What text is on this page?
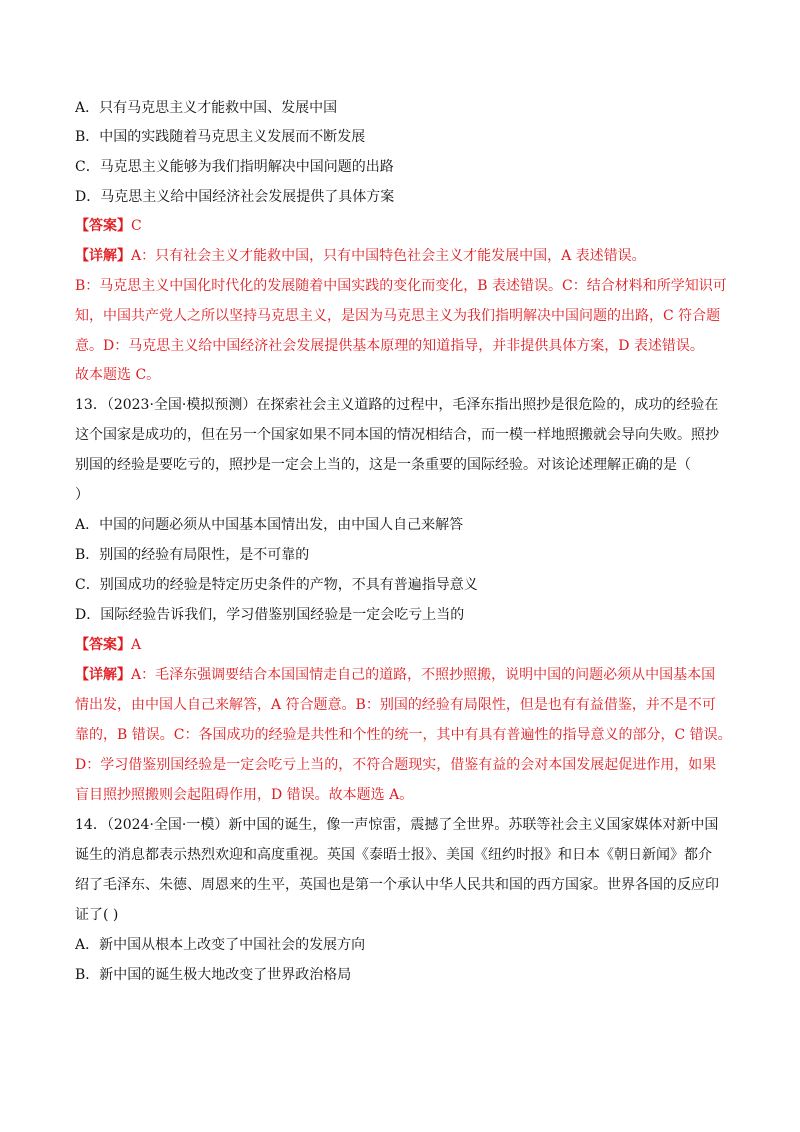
A．只有马克思主义才能救中国、发展中国
B．中国的实践随着马克思主义发展而不断发展
C．马克思主义能够为我们指明解决中国问题的出路
D．马克思主义给中国经济社会发展提供了具体方案
【答案】C
【详解】A：只有社会主义才能救中国，只有中国特色社会主义才能发展中国，A 表述错误。
B：马克思主义中国化时代化的发展随着中国实践的变化而变化，B 表述错误。C：结合材料和所学知识可
知，中国共产党人之所以坚持马克思主义，是因为马克思主义为我们指明解决中国问题的出路，C 符合题
意。D：马克思主义给中国经济社会发展提供基本原理的知道指导，并非提供具体方案，D 表述错误。
故本题选 C。
13．（2023·全国·模拟预测）在探索社会主义道路的过程中，毛泽东指出照抄是很危险的，成功的经验在
这个国家是成功的，但在另一个国家如果不同本国的情况相结合，而一模一样地照搬就会导向失败。照抄
别国的经验是要吃亏的，照抄是一定会上当的，这是一条重要的国际经验。对该论述理解正确的是（
）
A．中国的问题必须从中国基本国情出发，由中国人自己来解答
B．别国的经验有局限性，是不可靠的
C．别国成功的经验是特定历史条件的产物，不具有普遍指导意义
D．国际经验告诉我们，学习借鉴别国经验是一定会吃亏上当的
【答案】A
【详解】A：毛泽东强调要结合本国国情走自己的道路，不照抄照搬，说明中国的问题必须从中国基本国
情出发，由中国人自己来解答，A 符合题意。B：别国的经验有局限性，但是也有有益借鉴，并不是不可
靠的，B 错误。C：各国成功的经验是共性和个性的统一，其中有具有普遍性的指导意义的部分，C 错误。
D：学习借鉴别国经验是一定会吃亏上当的，不符合题现实，借鉴有益的会对本国发展起促进作用，如果
盲目照抄照搬则会起阻碍作用，D 错误。故本题选 A。
14．（2024·全国·一模）新中国的诞生，像一声惊雷，震撼了全世界。苏联等社会主义国家媒体对新中国
诞生的消息都表示热烈欢迎和高度重视。英国《泰晤士报》、美国《纽约时报》和日本《朝日新闻》都介
绍了毛泽东、朱德、周恩来的生平，英国也是第一个承认中华人民共和国的西方国家。世界各国的反应印
证了( )
A．新中国从根本上改变了中国社会的发展方向
B．新中国的诞生极大地改变了世界政治格局
